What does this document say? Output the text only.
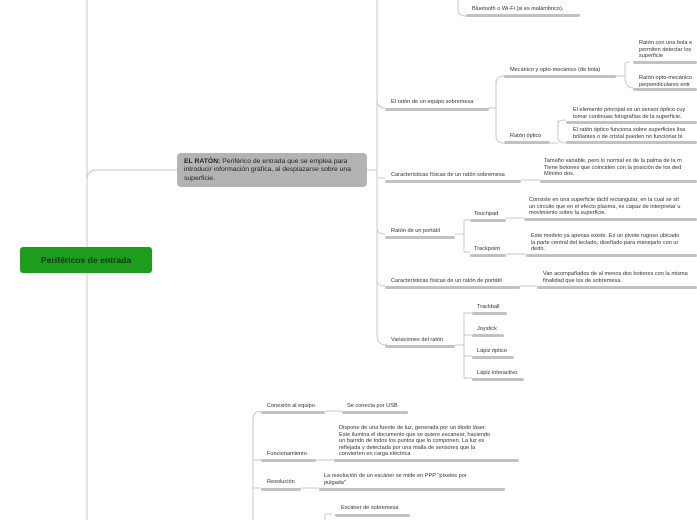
Periféricos de entrada
EL RATÓN: Periférico de entrada que se emplea para introducir información gráfica, al desplazarse sobre una superficie.
Bluetooth o Wi-Fi (si es inalámbrico).
El ratón de un equipo sobremesa
Mecánico y opto-mecánico (de bola)
Ratón con una bola e
permiten detectar los
superficie
Ratón opto-mecánico
perpendiculares entr
Ratón óptico
El elemento principal es un sensor óptico cuy
tomar continuas fotografías de la superficie.
El ratón óptico funciona sobre superficies lisa
brillantes o de cristal pueden no funcionar bi
Características físicas de un ratón sobremesa
Tamaño variable, pero lo normal es de la palma de la m
Tiene botones que coinciden con la posición de los ded
Mínimo dos.
Ratón de un portátil
Touchpad
Consiste en una superficie táctil rectangular, en la cual se sit
un circuito que en el efecto plasma, es capaz de interpretar u
movimiento sobre la superficie.
Trackpoint
Este modelo ya apenas existe. Es un pivote rugoso ubicado
la parte central del teclado, diseñado para manejarlo con ur
dedo.
Características físicas de un ratón de portátil
Van acompañados de al menos dos botones con la misma
finalidad que los de sobremesa.
Variaciones del ratón
Trackball
Joystick
Lápiz óptico
Lápiz interactivo
Conexión al equipo	Se conecta por USB
Funcionamiento
Dispone de una fuente de luz, generada por un diodo láser.
Este ilumina el documento que se quiere escanear, haciendo
un barrido de todos los puntos que lo componen. La luz es
reflejada y detectada por una malla de sensores que la
convierten en carga eléctrica
Resolución
La resolución de un escáner se mide en PPP "píxeles por
pulgada"
Escáner de sobremesa
